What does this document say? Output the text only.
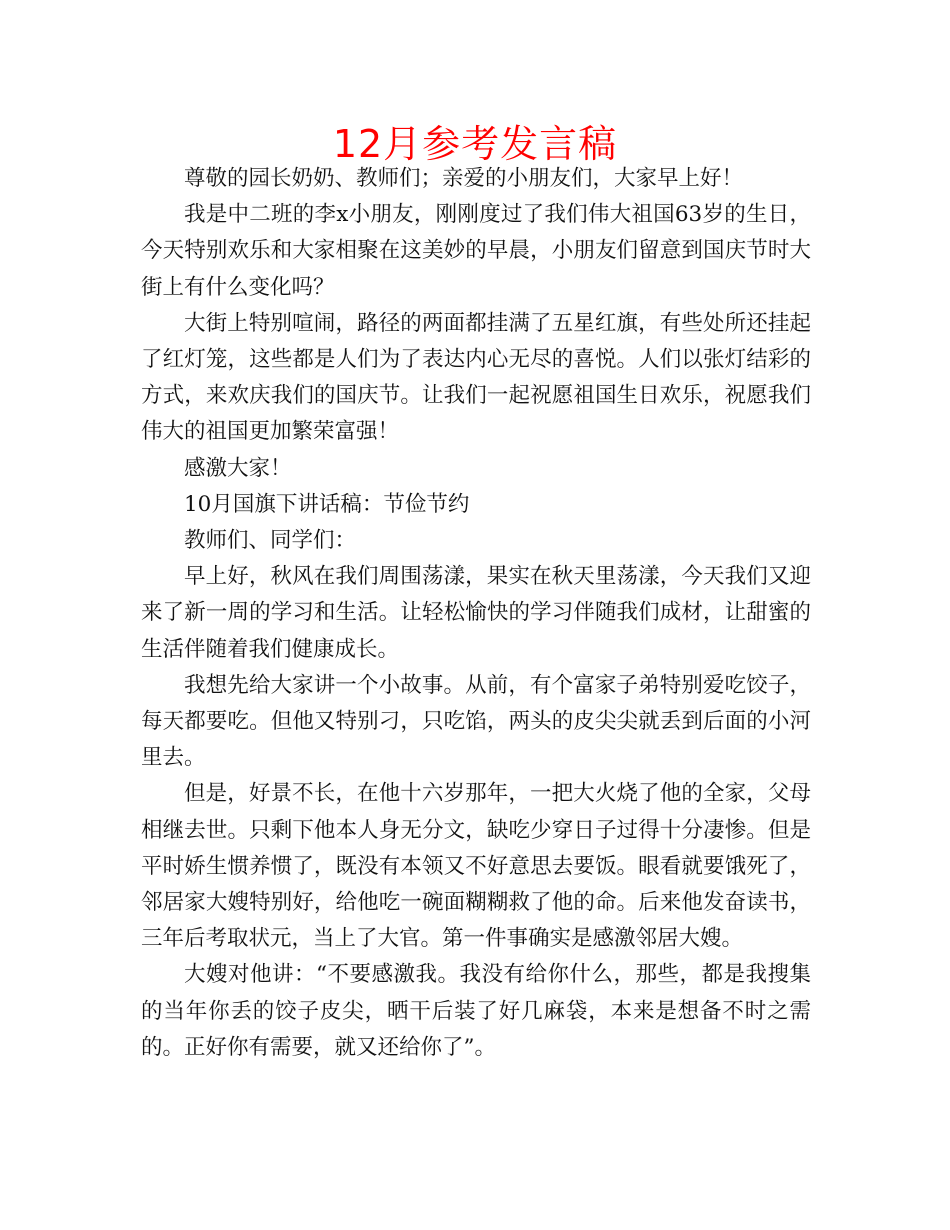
12月参考发言稿

尊敬的园长奶奶、教师们；亲爱的小朋友们，大家早上好！

我是中二班的李x小朋友，刚刚度过了我们伟大祖国63岁的生日，今天特别欢乐和大家相聚在这美妙的早晨，小朋友们留意到国庆节时大街上有什么变化吗？

大街上特别喧闹，路径的两面都挂满了五星红旗，有些处所还挂起了红灯笼，这些都是人们为了表达内心无尽的喜悦。人们以张灯结彩的方式，来欢庆我们的国庆节。让我们一起祝愿祖国生日欢乐，祝愿我们伟大的祖国更加繁荣富强！

感激大家！

10月国旗下讲话稿：节俭节约

教师们、同学们：

早上好，秋风在我们周围荡漾，果实在秋天里荡漾，今天我们又迎来了新一周的学习和生活。让轻松愉快的学习伴随我们成材，让甜蜜的生活伴随着我们健康成长。

我想先给大家讲一个小故事。从前，有个富家子弟特别爱吃饺子，每天都要吃。但他又特别刁，只吃馅，两头的皮尖尖就丢到后面的小河里去。

但是，好景不长，在他十六岁那年，一把大火烧了他的全家，父母相继去世。只剩下他本人身无分文，缺吃少穿日子过得十分凄惨。但是平时娇生惯养惯了，既没有本领又不好意思去要饭。眼看就要饿死了，邻居家大嫂特别好，给他吃一碗面糊糊救了他的命。后来他发奋读书，三年后考取状元，当上了大官。第一件事确实是感激邻居大嫂。

大嫂对他讲：“不要感激我。我没有给你什么，那些，都是我搜集的当年你丢的饺子皮尖，晒干后装了好几麻袋，本来是想备不时之需的。正好你有需要，就又还给你了”。
